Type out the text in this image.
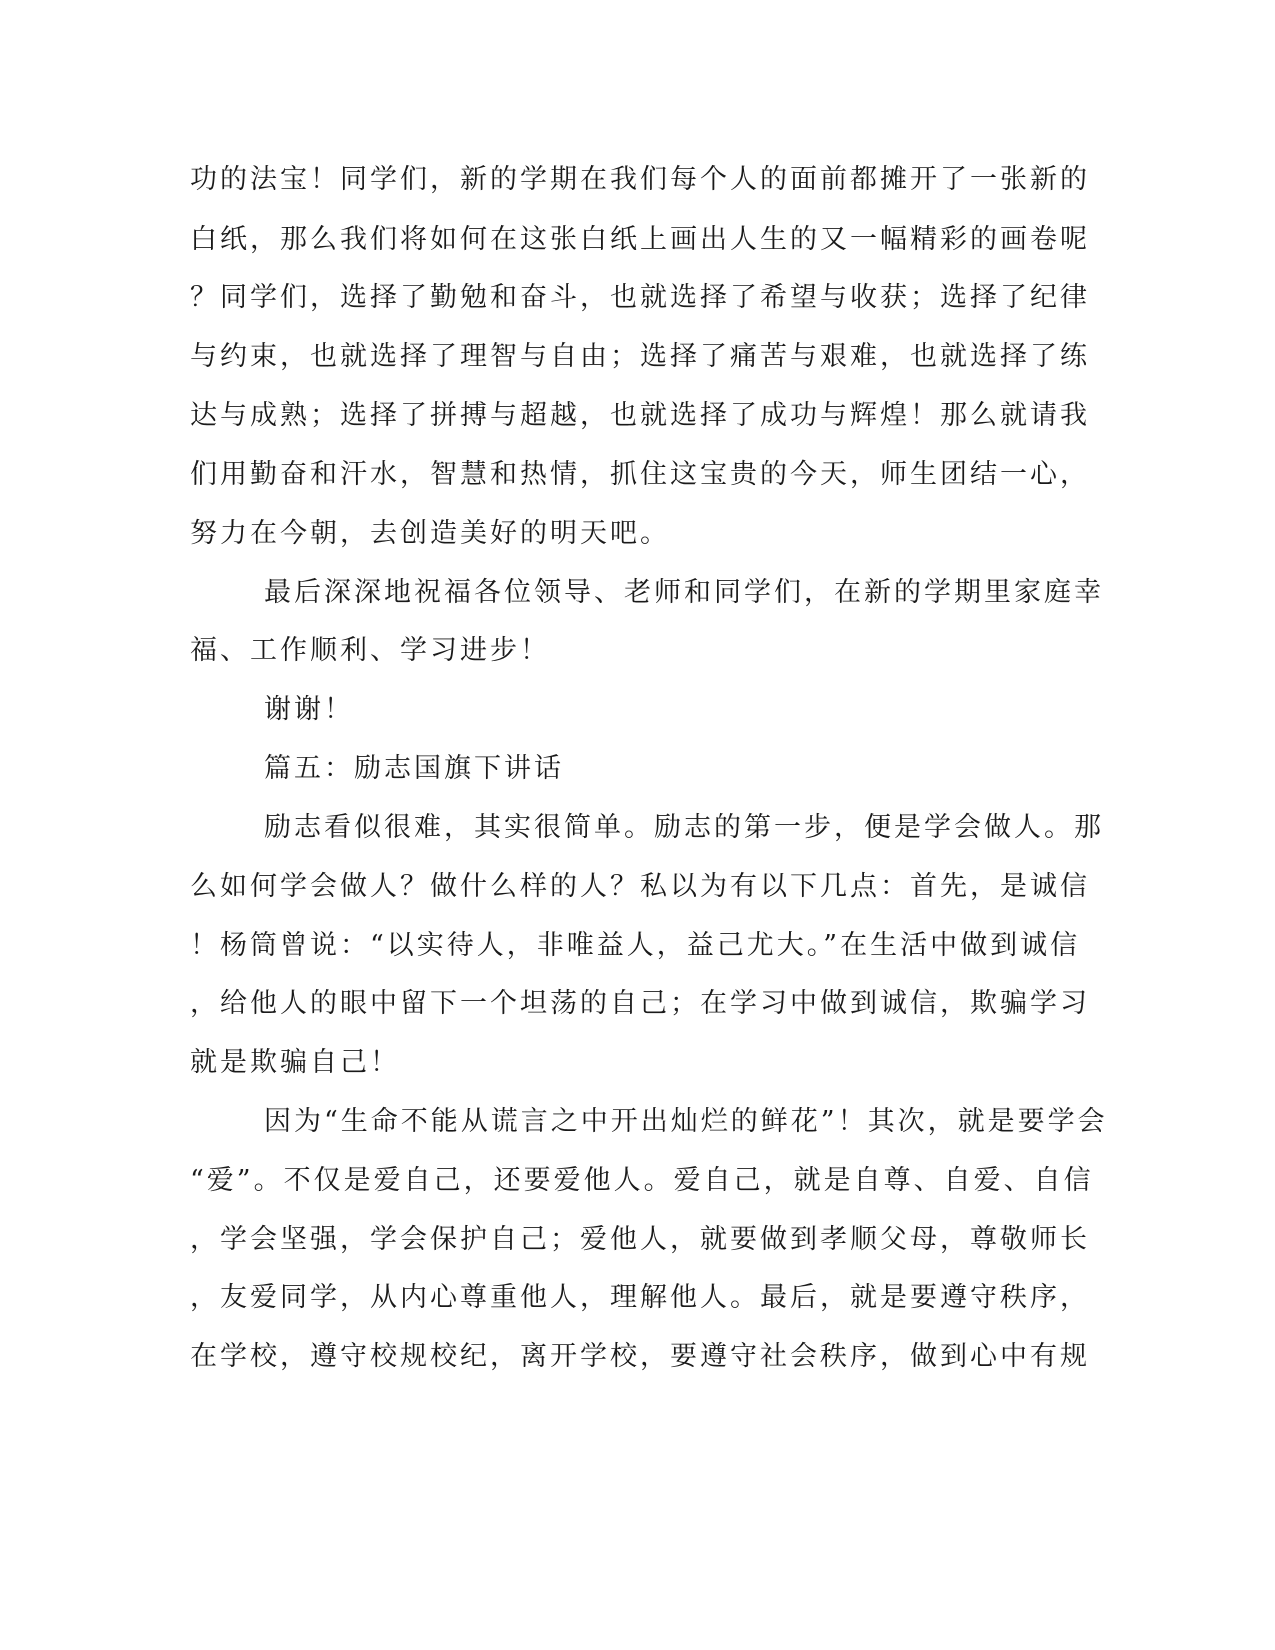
功的法宝！同学们，新的学期在我们每个人的面前都摊开了一张新的
白纸，那么我们将如何在这张白纸上画出人生的又一幅精彩的画卷呢
？同学们，选择了勤勉和奋斗，也就选择了希望与收获；选择了纪律
与约束，也就选择了理智与自由；选择了痛苦与艰难，也就选择了练
达与成熟；选择了拼搏与超越，也就选择了成功与辉煌！那么就请我
们用勤奋和汗水，智慧和热情，抓住这宝贵的今天，师生团结一心，
努力在今朝，去创造美好的明天吧。
最后深深地祝福各位领导、老师和同学们，在新的学期里家庭幸
福、工作顺利、学习进步！
谢谢！
篇五：励志国旗下讲话
励志看似很难，其实很简单。励志的第一步，便是学会做人。那
么如何学会做人？做什么样的人？私以为有以下几点：首先，是诚信
！杨筒曾说：“以实待人，非唯益人，益己尤大。”在生活中做到诚信
，给他人的眼中留下一个坦荡的自己；在学习中做到诚信，欺骗学习
就是欺骗自己！
因为“生命不能从谎言之中开出灿烂的鲜花”！其次，就是要学会
“爱”。不仅是爱自己，还要爱他人。爱自己，就是自尊、自爱、自信
，学会坚强，学会保护自己；爱他人，就要做到孝顺父母，尊敬师长
，友爱同学，从内心尊重他人，理解他人。最后，就是要遵守秩序，
在学校，遵守校规校纪，离开学校，要遵守社会秩序，做到心中有规
